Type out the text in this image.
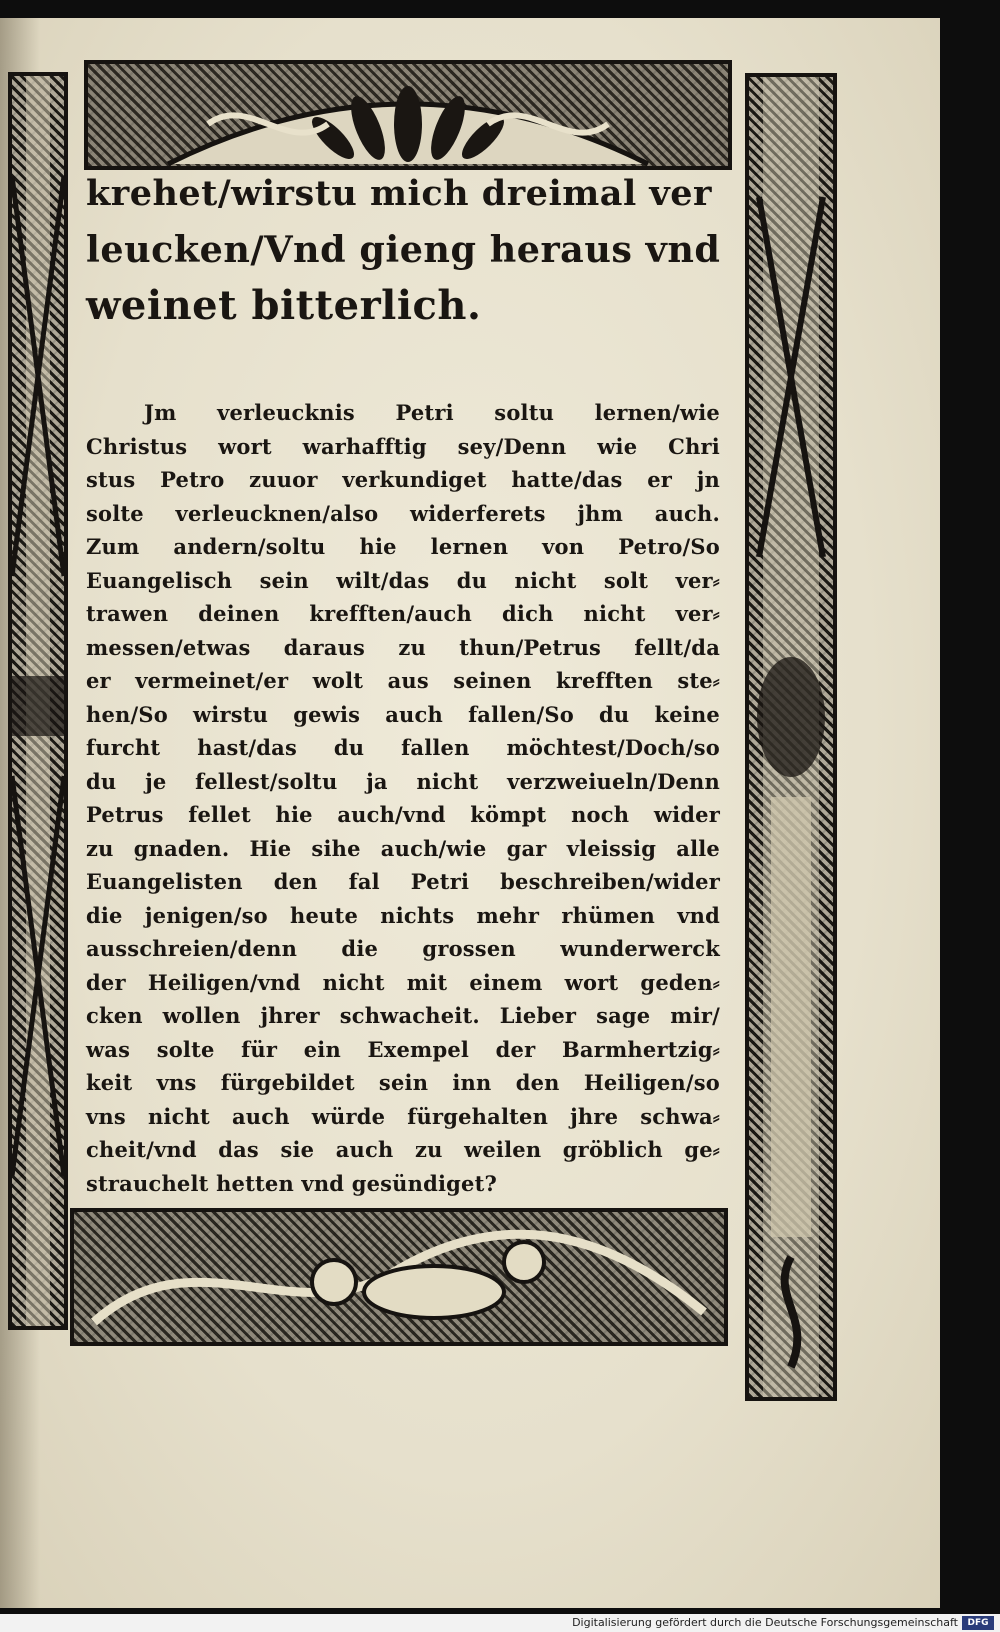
krehet/wirstu mich dreimal ver
leucken/Vnd gieng heraus vnd
weinet bitterlich.
Jm verleucknis Petri soltu lernen/wie
Christus wort warhafftig sey/Denn wie Chri
stus Petro zuuor verkundiget hatte/das er jn
solte verleucknen/also widerferets jhm auch.
Zum andern/soltu hie lernen von Petro/So
Euangelisch sein wilt/das du nicht solt ver⸗
trawen deinen krefften/auch dich nicht ver⸗
messen/etwas daraus zu thun/Petrus fellt/da
er vermeinet/er wolt aus seinen krefften ste⸗
hen/So wirstu gewis auch fallen/So du keine
furcht hast/das du fallen möchtest/Doch/so
du je fellest/soltu ja nicht verzweiueln/Denn
Petrus fellet hie auch/vnd kömpt noch wider
zu gnaden. Hie sihe auch/wie gar vleissig alle
Euangelisten den fal Petri beschreiben/wider
die jenigen/so heute nichts mehr rhümen vnd
ausschreien/denn die grossen wunderwerck
der Heiligen/vnd nicht mit einem wort geden⸗
cken wollen jhrer schwacheit. Lieber sage mir/
was solte für ein Exempel der Barmhertzig⸗
keit vns fürgebildet sein inn den Heiligen/so
vns nicht auch würde fürgehalten jhre schwa⸗
cheit/vnd das sie auch zu weilen gröblich ge⸗
strauchelt hetten vnd gesündiget?
Digitalisierung gefördert durch die Deutsche Forschungsgemeinschaft	DFG
